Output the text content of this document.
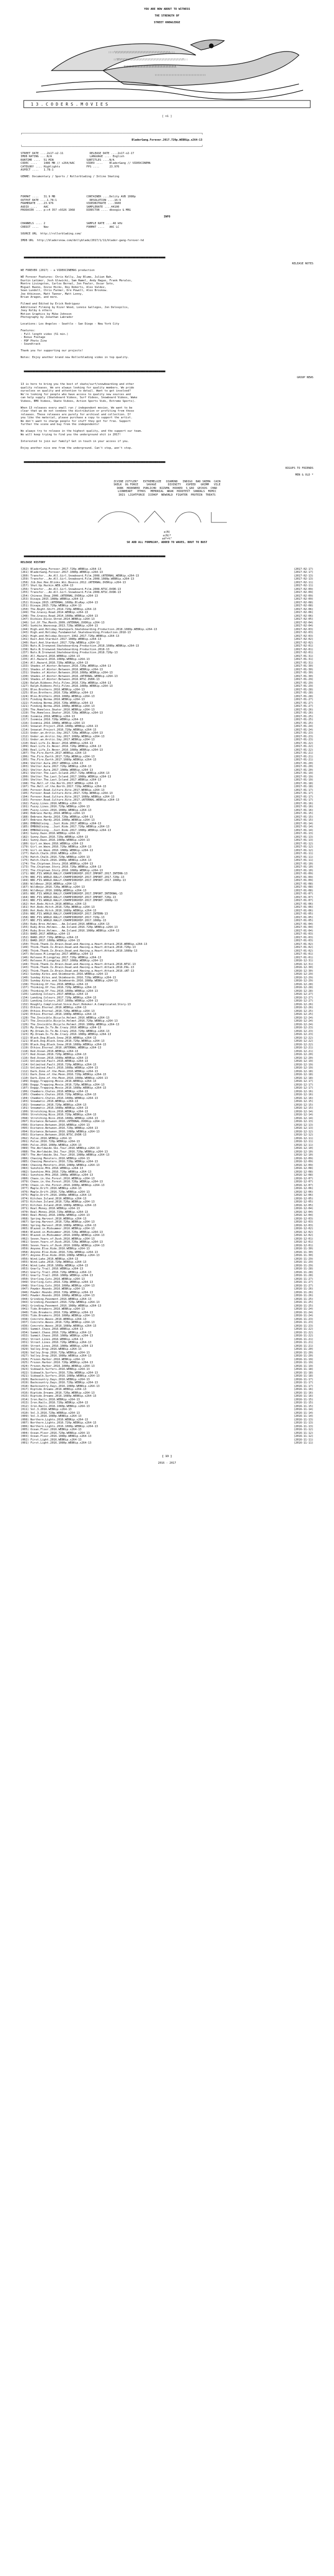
YOU ARE NOW ABOUT TO WITNESS

THE STRENGTH OF

STREET KNOWLEDGE

::::\\\\\\\\\\\\\\\\\\\\\\\\\\\\\\\\\\\\:::
::ll\\\\\\\\\\\\\\\\\\\\\\\\\\\\\\\\\\\\\\\\ll::
llllllllllllllllllllllllllllllllll
:::::::::::::::::::::::::::::::::
1 3 . C O D E R S . M O V I E S

[ n1 ]

┌─────────────────────────────────────────────────────────────────────────────────────────────────────────────┐

BladerGang.Forever.2017.720p.WEBRip.x264-13

└─────────────────────────────────────────────────────────────────────────────────────────────────────────────┘

STREET DATE ....2o17-o2-11                RELEASE DATE ....2o17-o2-17
IMDB RATING ....N/A                       LANGUAGE .... English
RUNTIME ....  51 MIN                    SUBTITLES ....N/A
CODEC ....    1486 MB // x264/AAC       VIDEO ....    BladerGang // VIDEOCINEMA
CATEGORY .... Highlights                FPS ....      23.976
ASPECT ....   1.78:1

GENRE: Documentary / Sports / Rollerblading / Inline Skating

FORMAT ....   31.9 MB                   CONTAINER ....Delity AVB 1080p
OUTPUT RATE ....1.78:1                    RESOLUTION ....16:9
FRAMERATE ....23.976                    VIDEOBITRATE ....3600
AUDIO ....    AAC                       SAMPLERATE ....44100
PRODUCER .... p:c4 357 c9326 1968       DIRECTOR .... dboogie & MRG

INFO

CHANNELS .... 2                         SAMPLE RATE ....48 kHz
CREDIT ....   Nav                       FORMAT ....   AAC LC

SOURCE URL http://rollerblading.com/

IMDB URL http://bladersnow.com/dollyblade/2017/1/11/blader-gang-forever-hd

▄▄▄▄▄▄▄▄▄▄▄▄▄▄▄▄▄▄▄▄▄▄▄▄▄▄▄▄▄▄▄▄▄▄▄▄▄▄▄▄▄▄▄▄▄▄▄▄▄▄▄▄▄▄▄▄▄▄▄▄▄▄▄▄▄▄▄▄▄▄▄▄▄▄▄▄▄▄▄▄▄▄▄▄▄▄

RELEASE NOTES

WE FOREVER (2017) - a VIDEOCINEMAS production

WE Forever Features: Chris Kelly, Jay Blume, Julian Bah,
Dustin Latimer, Josh Glowicki, Sam Hamel, Andy Hague, Frank Morales,
Montre Livingston, Carlos Bernal, Jon Fowler, Oscar Soto,
Miguel Bueno, Ozzie Hicks, Roy Roberts, Alex Valdez,
Sean Lundell, Chris Farmer, Dre Powell, Alex Broskow.
Joe Atkinson, Matt Tanner, Matt Lonny,
Brian Aragon, and more.

Filmed and Edited by Erick Rodriguez
Additional Filming by Kizer Wood, Lonnie Gallegos, Jon Delospilis,
Joey Kolby & others
Motion Graphics by Mike Johnson
Photography by Jonathan Labrador

Locations: Los Angeles - Seattle - San Diego - New York City

Features:
- Full length video (51 min.)
- Bonus Footage
- PDF Photo Zine
- Soundtrack

Thank you for supporting our projects!

Notes: Enjoy another brand new Rollerblading video in top quality.

▄▄▄▄▄▄▄▄▄▄▄▄▄▄▄▄▄▄▄▄▄▄▄▄▄▄▄▄▄▄▄▄▄▄▄▄▄▄▄▄▄▄▄▄▄▄▄▄▄▄▄▄▄▄▄▄▄▄▄▄▄▄▄▄▄▄▄▄▄▄▄▄▄▄▄▄▄▄▄▄▄▄▄▄▄▄

GROUP NEWS

13 is here to bring you the best of skate/surf/snowboarding and other
quality releases. We are always looking for quality members. We pride
ourselves on quality and attention to detail. Want to get involved?
We're looking for people who have access to quality new sources and
can help supply (Skateboard Videos, Surf Videos, Snowboard Videos, Wake
Videos, BMX Videos, Skate Videos, Action Sports Vids, Extreme Sports).

When 13 releases every small run / independent movies. We want to be
clear that we do not condone the distribution or profiting from these
releases. These releases are purely for archival and collection. If
you like the material, please purchase a copy to support the artist.
We don't want to charge people for stuff they got for free. Support
further the scene and buy from the independents!

We always try to release in the highest quality, and the support our team.
We will keep trying to find you the underground shit in 2017!

Interested to join our family? Get in touch in your access if you.

Enjoy another nice one from the underground. Can't stop, won't stop.

▄▄▄▄▄▄▄▄▄▄▄▄▄▄▄▄▄▄▄▄▄▄▄▄▄▄▄▄▄▄▄▄▄▄▄▄▄▄▄▄▄▄▄▄▄▄▄▄▄▄▄▄▄▄▄▄▄▄▄▄▄▄▄▄▄▄▄▄▄▄▄▄▄▄▄▄▄▄▄▄▄▄▄▄▄▄

BIGUPS TO FRIENDS

MEN & OLD *

ZCVIBE 2STYLER*   EXTREMELUZE   DIAMOND   INDIGO  BAD SKEMA  CAIN
SKELK  OG FORCE     SAVAGE       DIVINITY   XSPEED   GRIMM   VILE
DORK  HOOKNEED  PUBLICHD  RIZUMA  HOOKED  S_GRO  GECKOS  CHAD
LIONHEART   ETHOS   MEMORIAL  WRAK  HOODTEST  VANDALS  MIMIC
IRIS  LIGHTFORCE  ICEHOF  NEWORLD  FIGHTER  PROTEIN  TREATS

a(N)
a(N)*
ad*+%"
SO ADD ALL FORMUJAY, ADDED TO WAVES, BOUT TO BUST

▄▄▄▄▄▄▄▄▄▄▄▄▄▄▄▄▄▄▄▄▄▄▄▄▄▄▄▄▄▄▄▄▄▄▄▄▄▄▄▄▄▄▄▄▄▄▄▄▄▄▄▄▄▄▄▄▄▄▄▄▄▄▄▄▄▄▄▄▄▄▄▄▄▄▄▄▄▄▄▄▄▄▄▄▄▄

RELEASE HISTORY

(2017-02-17)
(262) BladerGang.Forever.2017.720p.WEBRip.x264-13
(2017-02-17)
(261) BladerGang.Forever.2017.1080p.WEBRip.x264-13
(2017-02-13)
(260) Transfer...An.All.Girl.Snowboard.Film.2008.iNTERNAL.WEBRip.x264-13
(2017-02-13)
(259) Transfer...An.All.Girl.Snowboard.Film.2008.1080p.WEBRip.x264-13
(2017-02-11)
(258) Jib.Dee.Hoe.Blinks.Wii.Bounce.2012.iNTERNAL.DVDRip.x264-13
(2017-02-11)
(257) Shut.Up.Huckin.WEB.x264-13
(2017-02-09)
(256) Transfer...An.All.Girl.Snowboard.Film.2008.NTSC.DVDR-13
(2017-02-09)
(255) Transfer...An.All.Girl.Snowboard.Film.2008.NTSC.DVDR-13
(2017-02-09)
(254) Chinese.Shop.2006.iNTERNAL.DVDRip.x264-13
(2017-02-09)
(253) Dixaya.2015.1080p.WEBRip.x264-13
(2017-02-08)
(252) Dixaya.2015.iNTERNAL.1080p.BluRay.x264-13
(2017-02-08)
(251) Dixaya.2015.720p.WEBRip.x264-13
(2017-02-06)
(250) The.Night.Shift.2014.720p.WEBRip.x264-13
(2017-02-06)
(249) The.Grassy.Road.2014.WEBRip.x264-13
(2017-02-06)
(248) The.Grassy.Road.2014.1080p.WEBRip.x264-13
(2017-02-05)
(247) Dickies.Dixie.Shred.2014.WEBRip.x264-13
(2017-02-04)
(246) 1st.Of.The.Month.2009.iNTERNAL.DVDRip.x264-13
(2017-02-04)
(245) Sunkite.Wavesoup.2013.720p.WEBRip.x264-13
(2017-02-03)
(244) High.and.Holiday.Skatepark.Skateboarding.Production.2018.1080p.WEBRip.x264-13
(2017-02-03)
(243) High.and.Holiday.Fundamental.Skateboarding.Production.2018-13
(2017-02-03)
(242) High.and.Holiday.Dessert.1962.2017.720p.WEBRip.x264-13
(2017-02-02)
(241) Rust.And.Stardust.2017.1080p.WEBRip.x264-13
(2017-02-02)
(240) Rust.And.Stardust.2017.720p.WEBRip.x264-13
(2017-02-01)
(239) Nuts.N.Ironwood.Skateboarding.Production.2018.1080p.WEBRip.x264-13
(2017-02-01)
(238) Nuts.N.Ironwood.Skateboarding.Production.2018-13
(2017-02-01)
(237) Nuts.N.Ironwood.Skateboarding.Production.2018.720p-13
(2017-01-31)
(236) All.Hazard.2016.WEBRip.x264-13
(2017-01-31)
(235) All.Hazard.2016.1080p.WEBRip.x264-13
(2017-01-31)
(234) All.Hazard.2016.720p.WEBRip.x264-13
(2017-01-30)
(233) Shades.of.Winter.Between.2016.720p.WEBRip.x264-13
(2017-01-30)
(232) Shades.of.Winter.Between.2016.WEBRip.x264-13
(2017-01-30)
(231) Shades.of.Winter.Between.2016.1080p.WEBRip.x264-13
(2017-01-30)
(230) Shades.of.Winter.Between.2016.iNTERNAL.WEBRip.x264-13
(2017-01-29)
(229) Shades.of.Winter.Between.2016.NTSC.DVDR-13
(2017-01-29)
(228) Ralph.Ribbons.Poly.Films.2016.720p.WEBRip.x264-13
(2017-01-29)
(227) Ralph.Ribbons.Poly.Films.2016.1080p.WEBRip.x264-13
(2017-01-28)
(226) Bloo.Brothers.2016.WEBRip.x264-13
(2017-01-28)
(225) Bloo.Brothers.2016.720p.WEBRip.x264-13
(2017-01-28)
(224) Bloo.Brothers.2016.1080p.WEBRip.x264-13
(2017-01-27)
(223) Finding.Norma.2016.WEBRip.x264-13
(2017-01-27)
(222) Finding.Norma.2016.720p.WEBRip.x264-13
(2017-01-27)
(221) Finding.Norma.2016.1080p.WEBRip.x264-13
(2017-01-26)
(220) The.Homeless.Skater.2016.WEBRip.x264-13
(2017-01-26)
(219) The.Homeless.Skater.2016.720p.WEBRip.x264-13
(2017-01-25)
(218) Isomnia.2016.WEBRip.x264-13
(2017-01-25)
(217) Isomnia.2016.720p.WEBRip.x264-13
(2017-01-25)
(216) Isomnia.2016.1080p.WEBRip.x264-13
(2017-01-24)
(215) Snowcat.Project.2016.1080p.WEBRip.x264-13
(2017-01-24)
(214) Snowcat.Project.2016.720p.WEBRip.x264-13
(2017-01-23)
(213) Under.an.Arctic.Sky.2017.720p.WEBRip.x264-13
(2017-01-23)
(212) Under.an.Arctic.Sky.2017.1080p.WEBRip.x264-13
(2017-01-23)
(211) Under.an.Arctic.Sky.2017.WEBRip.x264-13
(2017-01-22)
(210) Real.Life.Is.Never.2016.WEBRip.x264-13
(2017-01-22)
(209) Real.Life.Is.Never.2016.720p.WEBRip.x264-13
(2017-01-22)
(208) Real.Life.Is.Never.2016.1080p.WEBRip.x264-13
(2017-01-21)
(207) The.Fire.Earth.2017.WEBRip.x264-13
(2017-01-21)
(206) The.Fire.Earth.2017.720p.WEBRip.x264-13
(2017-01-21)
(205) The.Fire.Earth.2017.1080p.WEBRip.x264-13
(2017-01-20)
(204) Shelter.Aura.2017.WEBRip.x264-13
(2017-01-20)
(203) Shelter.Aura.2017.720p.WEBRip.x264-13
(2017-01-20)
(202) Shelter.Aura.2017.1080p.WEBRip.x264-13
(2017-01-19)
(201) Shelter.The.Last.Island.2017.720p.WEBRip.x264-13
(2017-01-19)
(200) Shelter.The.Last.Island.2017.1080p.WEBRip.x264-13
(2017-01-19)
(199) Shelter.The.Last.Island.2017.WEBRip.x264-13
(2017-01-18)
(198) The.Hell.of.the.North.2017.WEBRip.x264-13
(2017-01-18)
(197) The.Hell.of.the.North.2017.720p.WEBRip.x264-13
(2017-01-17)
(196) Forever.Road.Culture.Rite.2017.WEBRip.x264-13
(2017-01-17)
(195) Forever.Road.Culture.Rite.2017.720p.WEBRip.x264-13
(2017-01-17)
(194) Forever.Road.Culture.Rite.2017.1080p.WEBRip.x264-13
(2017-01-17)
(193) Forever.Road.Culture.Rite.2017.iNTERNAL.WEBRip.x264-13
(2017-01-16)
(192) Fuzzy.Lines.2016.WEBRip.x264-13
(2017-01-16)
(191) Fuzzy.Lines.2016.720p.WEBRip.x264-13
(2017-01-16)
(190) Fuzzy.Lines.2016.1080p.WEBRip.x264-13
(2017-01-15)
(189) Embrace.Hardy.2016.WEBRip.x264-13
(2017-01-15)
(188) Embrace.Hardy.2016.720p.WEBRip.x264-13
(2017-01-15)
(187) Embrace.Hardy.2016.1080p.WEBRip.x264-13
(2017-01-14)
(186) EMBOGGleing...Just.Ride.2017.WEBRip.x264-13
(2017-01-14)
(185) EMBOGGleing...Just.Ride.2017.720p.WEBRip.x264-13
(2017-01-14)
(184) EMBOGGleing...Just.Ride.2017.1080p.WEBRip.x264-13
(2017-01-13)
(183) Sunny.Daze.2016.WEBRip.x264-13
(2017-01-13)
(182) Sunny.Daze.2016.720p.WEBRip.x264-13
(2017-01-13)
(181) Sunny.Daze.2016.1080p.WEBRip.x264-13
(2017-01-12)
(180) Girl.on.Wave.2016.WEBRip.x264-13
(2017-01-12)
(179) Girl.on.Wave.2016.720p.WEBRip.x264-13
(2017-01-12)
(178) Girl.on.Wave.2016.1080p.WEBRip.x264-13
(2017-01-11)
(177) Hatch.Chalk.2016.WEBRip.x264-13
(2017-01-11)
(176) Hatch.Chalk.2016.720p.WEBRip.x264-13
(2017-01-11)
(175) Hatch.Chalk.2016.1080p.WEBRip.x264-13
(2017-01-10)
(174) The.Chiptown.Story.2016.WEBRip.x264-13
(2017-01-10)
(173) The.Chiptown.Story.2016.720p.WEBRip.x264-13
(2017-01-10)
(172) The.Chiptown.Story.2016.1080p.WEBRip.x264-13
(2017-01-09)
(171) NBC.FIS.WORLD.RALLY.CHAMPIONSHIP.2017.IMPORT.2017.INTERN-13
(2017-01-09)
(170) NBC.FIS.WORLD.RALLY.CHAMPIONSHIP.2017.IMPORT.2017.720p-13
(2017-01-09)
(169) NBC.FIS.WORLD.RALLY.CHAMPIONSHIP.2017.IMPORT.2017.1080p-13
(2017-01-08)
(168) Wildboyz.2016.WEBRip.x264-13
(2017-01-08)
(167) Wildboyz.2016.720p.WEBRip.x264-13
(2017-01-08)
(166) Wildboyz.2016.1080p.WEBRip.x264-13
(2017-01-07)
(165) NBC.FIS.WORLD.RALLY.CHAMPIONSHIP.2017.IMPORT.INTERNAL-13
(2017-01-07)
(164) NBC.FIS.WORLD.RALLY.CHAMPIONSHIP.2017.IMPORT.720p-13
(2017-01-07)
(163) NBC.FIS.WORLD.RALLY.CHAMPIONSHIP.2017.IMPORT.1080p-13
(2017-01-06)
(162) Hot.Rods.Hitch.2016.WEBRip.x264-13
(2017-01-06)
(161) Hot.Rods.Hitch.2016.720p.WEBRip.x264-13
(2017-01-06)
(160) Hot.Rods.Hitch.2016.1080p.WEBRip.x264-13
(2017-01-05)
(159) NBC.FIS.WORLD.RALLY.CHAMPIONSHIP.2017.INTERN-13
(2017-01-05)
(158) NBC.FIS.WORLD.RALLY.CHAMPIONSHIP.2017.720p-13
(2017-01-05)
(157) NBC.FIS.WORLD.RALLY.CHAMPIONSHIP.2017.1080p-13
(2017-01-04)
(156) Ruby.Bros.Holmes...Am.Island.2016.WEBRip.x264-13
(2017-01-04)
(155) Ruby.Bros.Holmes...Am.Island.2016.720p.WEBRip.x264-13
(2017-01-04)
(154) Ruby.Bros.Holmes...Am.Island.2016.1080p.WEBRip.x264-13
(2017-01-03)
(153) BARD.2017.WEBRip.x264-13
(2017-01-03)
(152) BARD.2017.720p.WEBRip.x264-13
(2017-01-03)
(151) BARD.2017.1080p.WEBRip.x264-13
(2017-01-02)
(150) Think.Thank.Is.Brain.Dead.and.Having.a.Heart.Attack.2016.WEBRip.x264-13
(2017-01-02)
(149) Think.Thank.Is.Brain.Dead.and.Having.a.Heart.Attack.2016.720p-13
(2017-01-02)
(148) Think.Thank.Is.Brain.Dead.and.Having.a.Heart.Attack.2016.1080p-13
(2017-01-01)
(147) Release.M.Longplay.2017.WEBRip.x264-13
(2017-01-01)
(146) Release.M.Longplay.2017.720p.WEBRip.x264-13
(2016-12-31)
(145) Release.M.Longplay.2017.1080p.WEBRip.x264-13
(2016-12-31)
(144) Think.Thank.Is.Brain.Dead.and.Having.a.Heart.Attack.2016.NTSC-13
(2016-12-30)
(143) Think.Thank.Is.Brain.Dead.and.Having.a.Heart.Attack.2016.PAL-13
(2016-12-30)
(142) Think.Thank.Is.Brain.Dead.and.Having.a.Heart.Attack.2016.iNT-13
(2016-12-29)
(141) Sunday.Kites.and.Skimboards.2016.WEBRip.x264-13
(2016-12-29)
(140) Sunday.Kites.and.Skimboards.2016.720p.WEBRip.x264-13
(2016-12-29)
(139) Sunday.Kites.and.Skimboards.2016.1080p.WEBRip.x264-13
(2016-12-28)
(138) Thinking.Of.You.2016.WEBRip.x264-13
(2016-12-28)
(137) Thinking.Of.You.2016.720p.WEBRip.x264-13
(2016-12-28)
(136) Thinking.Of.You.2016.1080p.WEBRip.x264-13
(2016-12-27)
(135) Landing.Colours.2017.WEBRip.x264-13
(2016-12-27)
(134) Landing.Colours.2017.720p.WEBRip.x264-13
(2016-12-27)
(133) Landing.Colours.2017.1080p.WEBRip.x264-13
(2016-12-26)
(132) Roughly.Complicated.Since.Dust.Hoboker.A.Complicated.Story-13
(2016-12-26)
(131) Ethios.Eternal.2016.WEBRip.x264-13
(2016-12-25)
(130) Ethios.Eternal.2016.720p.WEBRip.x264-13
(2016-12-25)
(129) Ethios.Eternal.2016.1080p.WEBRip.x264-13
(2016-12-24)
(128) The.Invisible.Bicycle.Helmet.2016.WEBRip.x264-13
(2016-12-24)
(127) The.Invisible.Bicycle.Helmet.2016.720p.WEBRip.x264-13
(2016-12-24)
(126) The.Invisible.Bicycle.Helmet.2016.1080p.WEBRip.x264-13
(2016-12-23)
(125) My.Dream.Is.To.Be.Crazy.2016.WEBRip.x264-13
(2016-12-23)
(124) My.Dream.Is.To.Be.Crazy.2016.720p.WEBRip.x264-13
(2016-12-23)
(123) My.Dream.Is.To.Be.Crazy.2016.1080p.WEBRip.x264-13
(2016-12-22)
(122) Black.Dog.Black.Snow.2016.WEBRip.x264-13
(2016-12-22)
(121) Black.Dog.Black.Snow.2016.720p.WEBRip.x264-13
(2016-12-22)
(120) Black.Dog.Black.Snow.2016.1080p.WEBRip.x264-13
(2016-12-21)
(119) Ethios.Eternal.2016.iNTERNAL.WEBRip.x264-13
(2016-12-21)
(118) Red.Ocean.2016.WEBRip.x264-13
(2016-12-20)
(117) Red.Ocean.2016.720p.WEBRip.x264-13
(2016-12-20)
(116) Red.Ocean.2016.1080p.WEBRip.x264-13
(2016-12-19)
(115) Unlimited.Fault.2016.WEBRip.x264-13
(2016-12-19)
(114) Unlimited.Fault.2016.720p.WEBRip.x264-13
(2016-12-19)
(113) Unlimited.Fault.2016.1080p.WEBRip.x264-13
(2016-12-18)
(112) Dark.Zone.of.the.Moon.2016.WEBRip.x264-13
(2016-12-18)
(111) Dark.Zone.of.the.Moon.2016.720p.WEBRip.x264-13
(2016-12-18)
(110) Dark.Zone.of.the.Moon.2016.1080p.WEBRip.x264-13
(2016-12-17)
(109) Doggy.Trapping.Movie.2016.WEBRip.x264-13
(2016-12-17)
(108) Doggy.Trapping.Movie.2016.720p.WEBRip.x264-13
(2016-12-17)
(107) Doggy.Trapping.Movie.2016.1080p.WEBRip.x264-13
(2016-12-16)
(106) Chambers.Chutes.2016.WEBRip.x264-13
(2016-12-16)
(105) Chambers.Chutes.2016.720p.WEBRip.x264-13
(2016-12-16)
(104) Chambers.Chutes.2016.1080p.WEBRip.x264-13
(2016-12-15)
(103) Snowmatic.2016.WEBRip.x264-13
(2016-12-15)
(102) Snowmatic.2016.720p.WEBRip.x264-13
(2016-12-15)
(101) Snowmatic.2016.1080p.WEBRip.x264-13
(2016-12-14)
(100) Stretching.Nice.2016.WEBRip.x264-13
(2016-12-14)
(099) Stretching.Nice.2016.720p.WEBRip.x264-13
(2016-12-14)
(098) Stretching.Nice.2016.1080p.WEBRip.x264-13
(2016-12-13)
(097) Distance.Between.2016.iNTERNAL.DVDRip.x264-13
(2016-12-13)
(096) Distance.Between.2016.WEBRip.x264-13
(2016-12-13)
(095) Distance.Between.2016.720p.WEBRip.x264-13
(2016-12-12)
(094) Distance.Between.2016.1080p.WEBRip.x264-13
(2016-12-12)
(093) Distance.Between.2016.NTSC.DVDR-13
(2016-12-11)
(092) Pulse.2016.WEBRip.x264-13
(2016-12-11)
(091) Pulse.2016.720p.WEBRip.x264-13
(2016-12-11)
(090) Pulse.2016.1080p.WEBRip.x264-13
(2016-12-10)
(089) The.Worldwide.Ski.Tour.2016.WEBRip.x264-13
(2016-12-10)
(088) The.Worldwide.Ski.Tour.2016.720p.WEBRip.x264-13
(2016-12-10)
(087) The.Worldwide.Ski.Tour.2016.1080p.WEBRip.x264-13
(2016-12-09)
(086) Chasing.Monsters.2016.WEBRip.x264-13
(2016-12-09)
(085) Chasing.Monsters.2016.720p.WEBRip.x264-13
(2016-12-09)
(084) Chasing.Monsters.2016.1080p.WEBRip.x264-13
(2016-12-08)
(083) Sunshine.Mtb.2016.WEBRip.x264-13
(2016-12-08)
(082) Sunshine.Mtb.2016.720p.WEBRip.x264-13
(2016-12-08)
(081) Sunshine.Mtb.2016.1080p.WEBRip.x264-13
(2016-12-07)
(080) Chaos.in.the.Forest.2016.WEBRip.x264-13
(2016-12-07)
(079) Chaos.in.the.Forest.2016.720p.WEBRip.x264-13
(2016-12-07)
(078) Chaos.in.the.Forest.2016.1080p.WEBRip.x264-13
(2016-12-06)
(077) Maple.Drift.2016.WEBRip.x264-13
(2016-12-06)
(076) Maple.Drift.2016.720p.WEBRip.x264-13
(2016-12-06)
(075) Maple.Drift.2016.1080p.WEBRip.x264-13
(2016-12-05)
(074) Kitchen.Island.2016.WEBRip.x264-13
(2016-12-05)
(073) Kitchen.Island.2016.720p.WEBRip.x264-13
(2016-12-05)
(072) Kitchen.Island.2016.1080p.WEBRip.x264-13
(2016-12-04)
(071) Real.Money.2016.WEBRip.x264-13
(2016-12-04)
(070) Real.Money.2016.720p.WEBRip.x264-13
(2016-12-04)
(069) Real.Money.2016.1080p.WEBRip.x264-13
(2016-12-03)
(068) Spring.Harvest.2016.WEBRip.x264-13
(2016-12-03)
(067) Spring.Harvest.2016.720p.WEBRip.x264-13
(2016-12-03)
(066) Spring.Harvest.2016.1080p.WEBRip.x264-13
(2016-12-02)
(065) Blazed.in.Midsummer.2016.WEBRip.x264-13
(2016-12-02)
(064) Blazed.in.Midsummer.2016.720p.WEBRip.x264-13
(2016-12-02)
(063) Blazed.in.Midsummer.2016.1080p.WEBRip.x264-13
(2016-12-01)
(062) Seven.Years.of.Dusk.2016.WEBRip.x264-13
(2016-12-01)
(061) Seven.Years.of.Dusk.2016.720p.WEBRip.x264-13
(2016-12-01)
(060) Seven.Years.of.Dusk.2016.1080p.WEBRip.x264-13
(2016-11-30)
(059) Anyone.Else.Ride.2016.WEBRip.x264-13
(2016-11-30)
(058) Anyone.Else.Ride.2016.720p.WEBRip.x264-13
(2016-11-30)
(057) Anyone.Else.Ride.2016.1080p.WEBRip.x264-13
(2016-11-29)
(056) Wind.Lake.2016.WEBRip.x264-13
(2016-11-29)
(055) Wind.Lake.2016.720p.WEBRip.x264-13
(2016-11-29)
(054) Wind.Lake.2016.1080p.WEBRip.x264-13
(2016-11-28)
(053) Gnarly.Trail.2016.WEBRip.x264-13
(2016-11-28)
(052) Gnarly.Trail.2016.720p.WEBRip.x264-13
(2016-11-28)
(051) Gnarly.Trail.2016.1080p.WEBRip.x264-13
(2016-11-27)
(050) Sterling.Cuts.2016.WEBRip.x264-13
(2016-11-27)
(049) Sterling.Cuts.2016.720p.WEBRip.x264-13
(2016-11-27)
(048) Sterling.Cuts.2016.1080p.WEBRip.x264-13
(2016-11-26)
(047) Powder.Hounds.2016.WEBRip.x264-13
(2016-11-26)
(046) Powder.Hounds.2016.720p.WEBRip.x264-13
(2016-11-26)
(045) Powder.Hounds.2016.1080p.WEBRip.x264-13
(2016-11-25)
(044) Grinding.Pavement.2016.WEBRip.x264-13
(2016-11-25)
(043) Grinding.Pavement.2016.720p.WEBRip.x264-13
(2016-11-25)
(042) Grinding.Pavement.2016.1080p.WEBRip.x264-13
(2016-11-24)
(041) Tide.Breakers.2016.WEBRip.x264-13
(2016-11-24)
(040) Tide.Breakers.2016.720p.WEBRip.x264-13
(2016-11-24)
(039) Tide.Breakers.2016.1080p.WEBRip.x264-13
(2016-11-23)
(038) Concrete.Waves.2016.WEBRip.x264-13
(2016-11-23)
(037) Concrete.Waves.2016.720p.WEBRip.x264-13
(2016-11-23)
(036) Concrete.Waves.2016.1080p.WEBRip.x264-13
(2016-11-22)
(035) Summit.Chase.2016.WEBRip.x264-13
(2016-11-22)
(034) Summit.Chase.2016.720p.WEBRip.x264-13
(2016-11-22)
(033) Summit.Chase.2016.1080p.WEBRip.x264-13
(2016-11-21)
(032) Street.Lines.2016.WEBRip.x264-13
(2016-11-21)
(031) Street.Lines.2016.720p.WEBRip.x264-13
(2016-11-21)
(030) Street.Lines.2016.1080p.WEBRip.x264-13
(2016-11-20)
(029) Valley.Drop.2016.WEBRip.x264-13
(2016-11-20)
(028) Valley.Drop.2016.720p.WEBRip.x264-13
(2016-11-20)
(027) Valley.Drop.2016.1080p.WEBRip.x264-13
(2016-11-19)
(026) Frozen.Harbor.2016.WEBRip.x264-13
(2016-11-19)
(025) Frozen.Harbor.2016.720p.WEBRip.x264-13
(2016-11-19)
(024) Frozen.Harbor.2016.1080p.WEBRip.x264-13
(2016-11-18)
(023) Sidewalk.Surfers.2016.WEBRip.x264-13
(2016-11-18)
(022) Sidewalk.Surfers.2016.720p.WEBRip.x264-13
(2016-11-18)
(021) Sidewalk.Surfers.2016.1080p.WEBRip.x264-13
(2016-11-17)
(020) Backcountry.Days.2016.WEBRip.x264-13
(2016-11-17)
(019) Backcountry.Days.2016.720p.WEBRip.x264-13
(2016-11-17)
(018) Backcountry.Days.2016.1080p.WEBRip.x264-13
(2016-11-16)
(017) Riptide.Dreams.2016.WEBRip.x264-13
(2016-11-16)
(016) Riptide.Dreams.2016.720p.WEBRip.x264-13
(2016-11-16)
(015) Riptide.Dreams.2016.1080p.WEBRip.x264-13
(2016-11-15)
(014) Iron.Rails.2016.WEBRip.x264-13
(2016-11-15)
(013) Iron.Rails.2016.720p.WEBRip.x264-13
(2016-11-15)
(012) Iron.Rails.2016.1080p.WEBRip.x264-13
(2016-11-14)
(011) Vol.3.2016.WEBRip.x264-13
(2016-11-14)
(010) Vol.3.2016.720p.WEBRip.x264-13
(2016-11-14)
(009) Vol.3.2016.1080p.WEBRip.x264-13
(2016-11-13)
(008) Northern.Lights.2016.WEBRip.x264-13
(2016-11-13)
(007) Northern.Lights.2016.720p.WEBRip.x264-13
(2016-11-13)
(006) Northern.Lights.2016.1080p.WEBRip.x264-13
(2016-11-12)
(005) Ocean.Floor.2016.WEBRip.x264-13
(2016-11-12)
(004) Ocean.Floor.2016.720p.WEBRip.x264-13
(2016-11-12)
(003) Ocean.Floor.2016.1080p.WEBRip.x264-13
(2016-11-11)
(002) First.Light.2016.WEBRip.x264-13
(2016-11-11)
(001) First.Light.2016.1080p.WEBRip.x264-13

[ 13 ]

2016 - 2017
